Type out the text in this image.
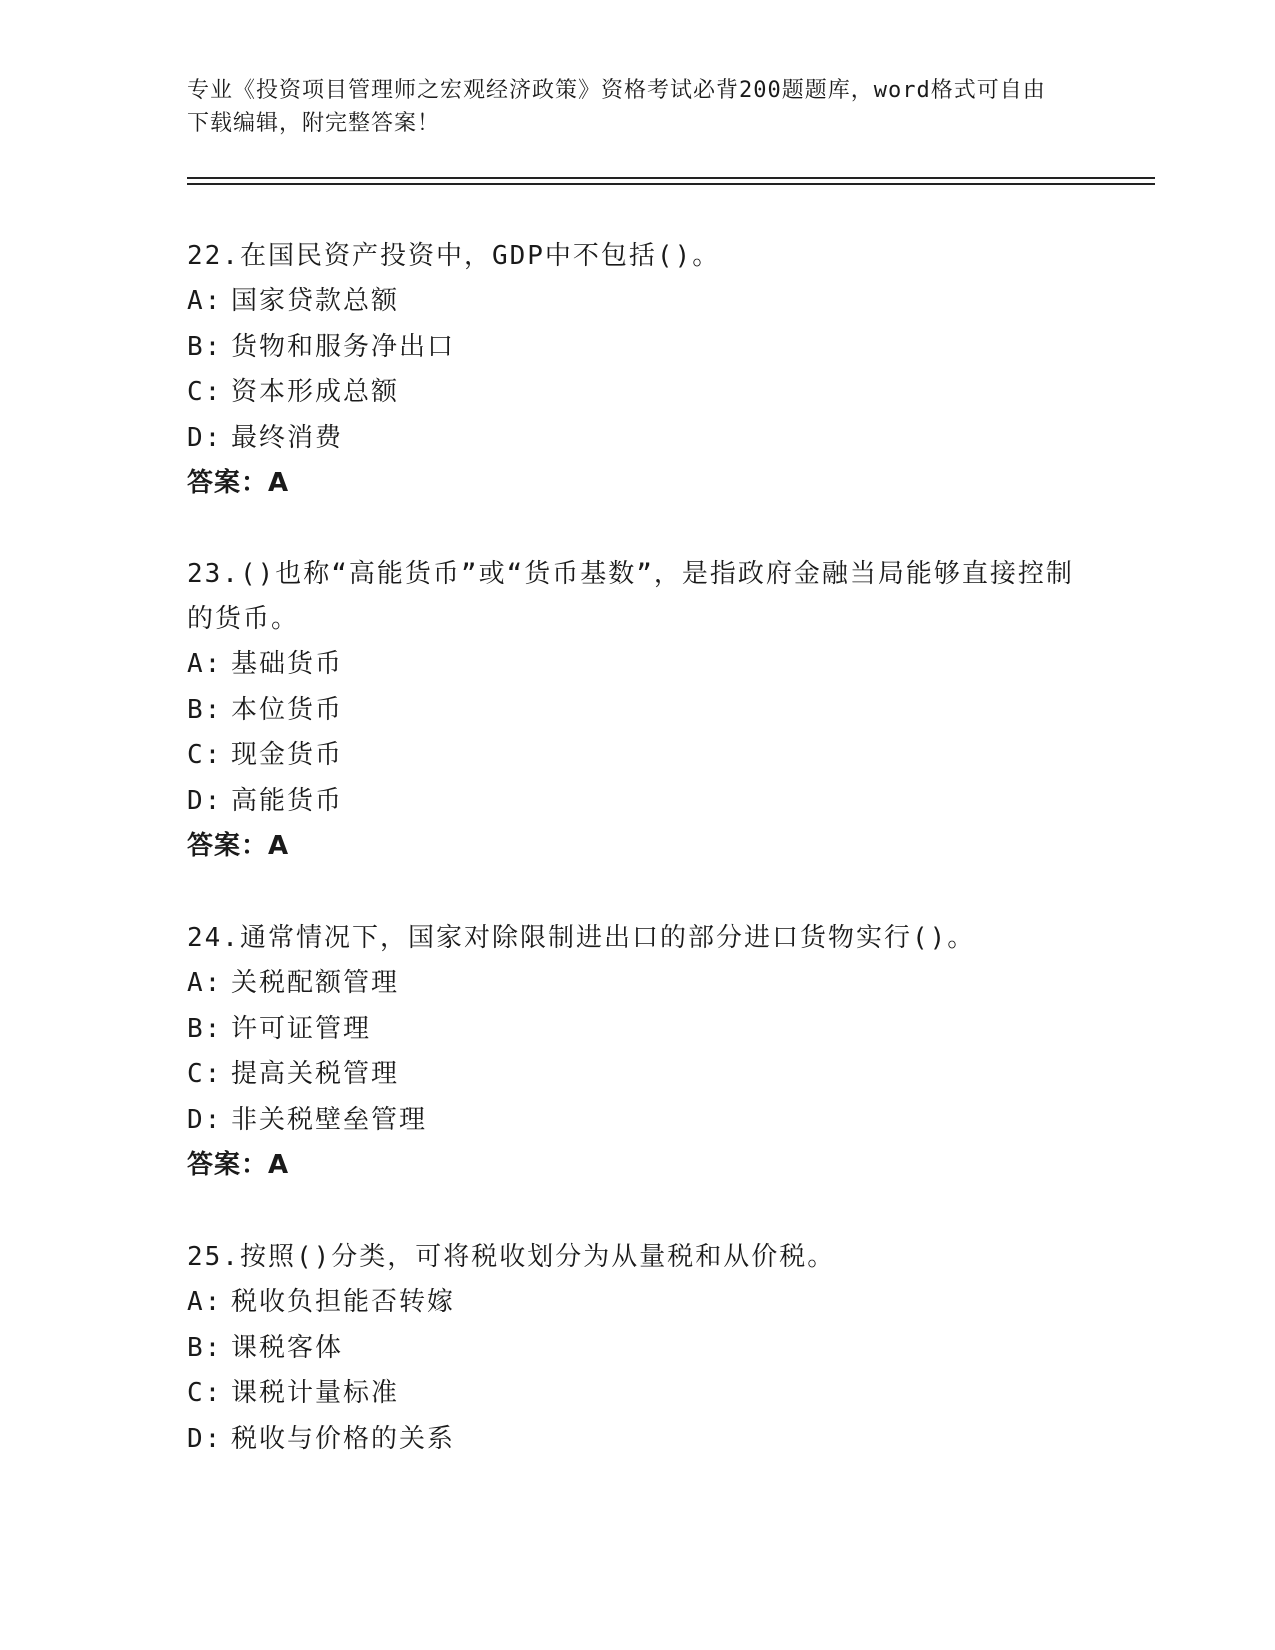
专业《投资项目管理师之宏观经济政策》资格考试必背200题题库，word格式可自由下载编辑，附完整答案！

22.在国民资产投资中，GDP中不包括()。

A: 国家贷款总额

B: 货物和服务净出口

C: 资本形成总额

D: 最终消费

答案：A

23.()也称“高能货币”或“货币基数”，是指政府金融当局能够直接控制的货币。

A: 基础货币

B: 本位货币

C: 现金货币

D: 高能货币

答案：A

24.通常情况下，国家对除限制进出口的部分进口货物实行()。

A: 关税配额管理

B: 许可证管理

C: 提高关税管理

D: 非关税壁垒管理

答案：A

25.按照()分类，可将税收划分为从量税和从价税。

A: 税收负担能否转嫁

B: 课税客体

C: 课税计量标准

D: 税收与价格的关系
